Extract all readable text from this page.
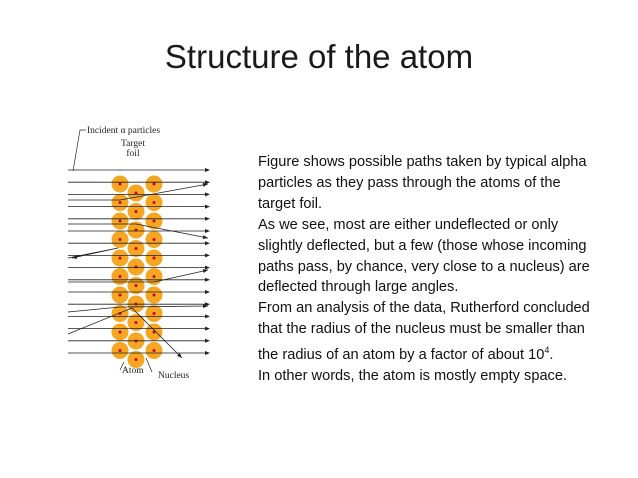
Structure of the atom
Incident α particles
Target
foil
Atom Nucleus

Figure shows possible paths taken by typical alpha particles as they pass through the atoms of the target foil.

As we see, most are either undeflected or only slightly deflected, but a few (those whose incoming paths pass, by chance, very close to a nucleus) are deflected through large angles.

From an analysis of the data, Rutherford concluded that the radius of the nucleus must be smaller than the radius of an atom by a factor of about $10^4$.

In other words, the atom is mostly empty space.
